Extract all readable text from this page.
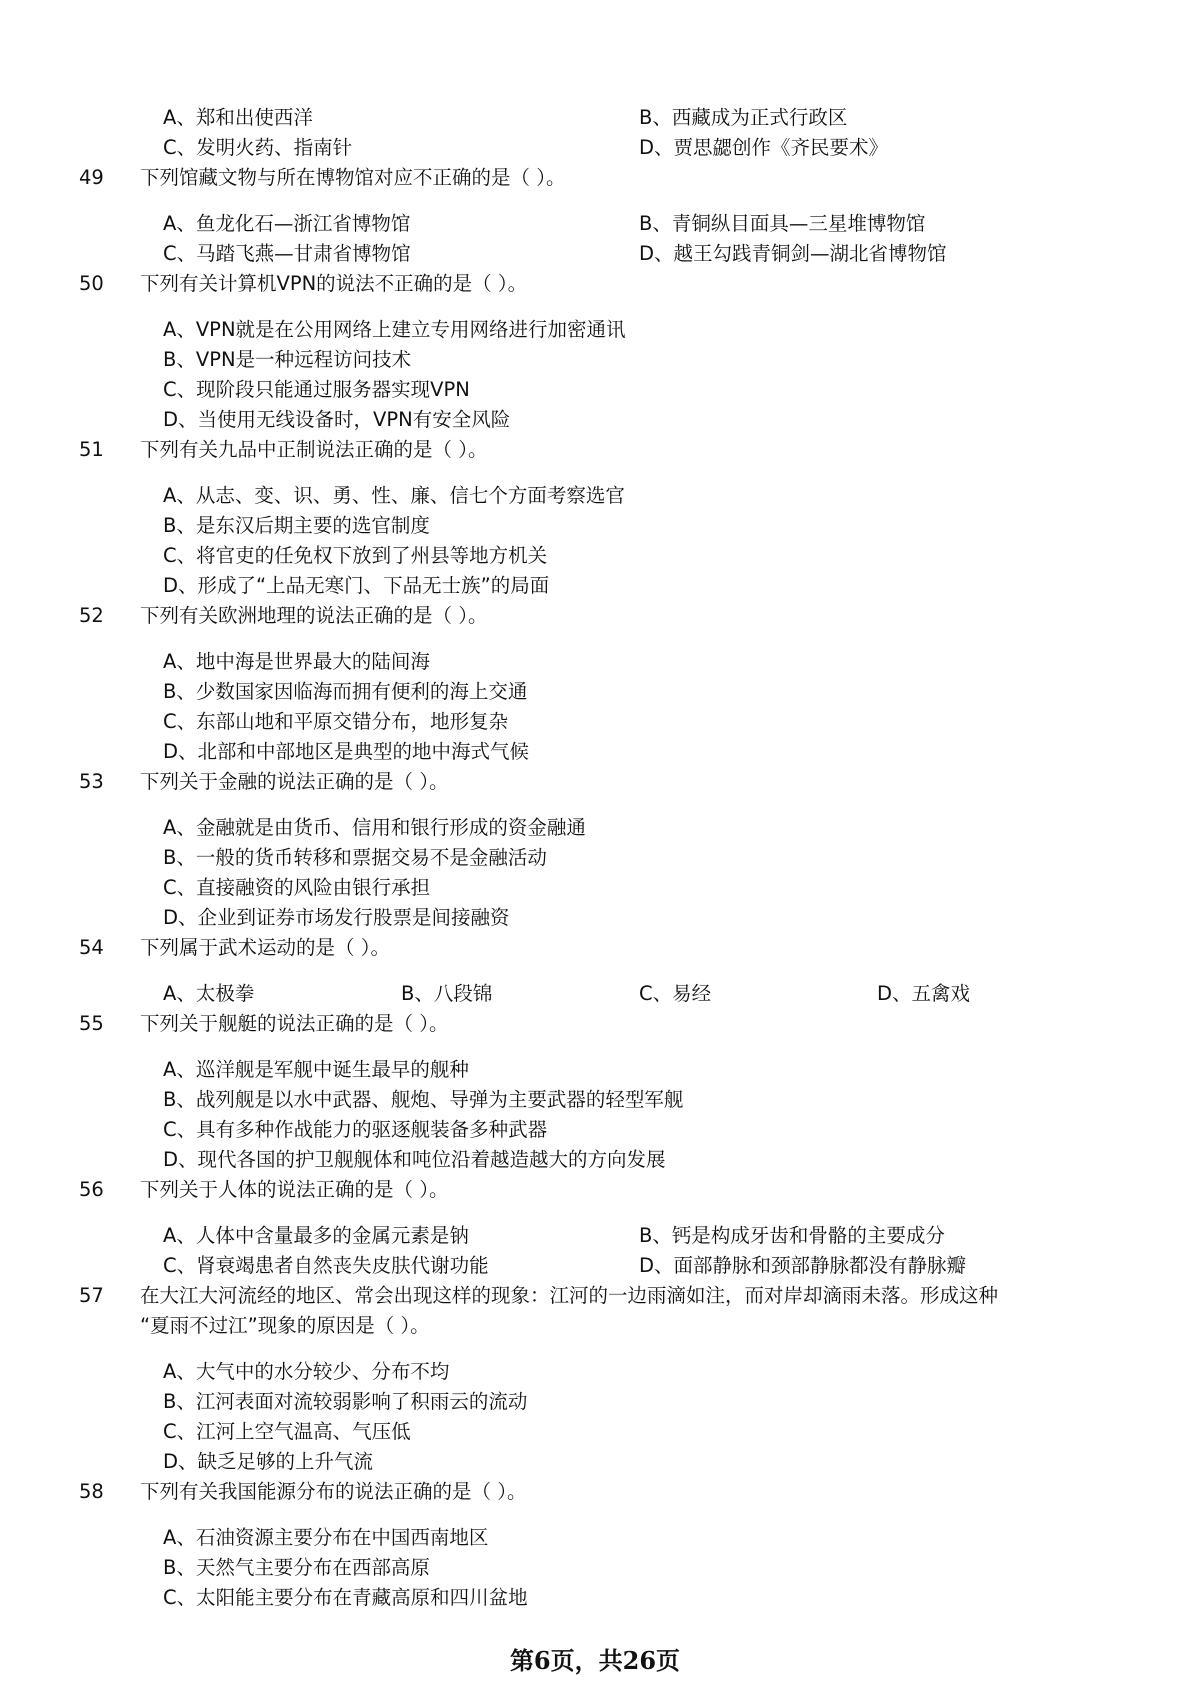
A、郑和出使西洋	B、西藏成为正式行政区
C、发明火药、指南针	D、贾思勰创作《齐民要术》
49 下列馆藏文物与所在博物馆对应不正确的是（ ）。
A、鱼龙化石—浙江省博物馆	B、青铜纵目面具—三星堆博物馆
C、马踏飞燕—甘肃省博物馆	D、越王勾践青铜剑—湖北省博物馆
50 下列有关计算机VPN的说法不正确的是（ ）。
A、VPN就是在公用网络上建立专用网络进行加密通讯
B、VPN是一种远程访问技术
C、现阶段只能通过服务器实现VPN
D、当使用无线设备时，VPN有安全风险
51 下列有关九品中正制说法正确的是（ ）。
A、从志、变、识、勇、性、廉、信七个方面考察选官
B、是东汉后期主要的选官制度
C、将官吏的任免权下放到了州县等地方机关
D、形成了“上品无寒门、下品无士族”的局面
52 下列有关欧洲地理的说法正确的是（ ）。
A、地中海是世界最大的陆间海
B、少数国家因临海而拥有便利的海上交通
C、东部山地和平原交错分布，地形复杂
D、北部和中部地区是典型的地中海式气候
53 下列关于金融的说法正确的是（ ）。
A、金融就是由货币、信用和银行形成的资金融通
B、一般的货币转移和票据交易不是金融活动
C、直接融资的风险由银行承担
D、企业到证券市场发行股票是间接融资
54 下列属于武术运动的是（ ）。
A、太极拳	B、八段锦	C、易经	D、五禽戏
55 下列关于舰艇的说法正确的是（ ）。
A、巡洋舰是军舰中诞生最早的舰种
B、战列舰是以水中武器、舰炮、导弹为主要武器的轻型军舰
C、具有多种作战能力的驱逐舰装备多种武器
D、现代各国的护卫舰舰体和吨位沿着越造越大的方向发展
56 下列关于人体的说法正确的是（ ）。
A、人体中含量最多的金属元素是钠	B、钙是构成牙齿和骨骼的主要成分
C、肾衰竭患者自然丧失皮肤代谢功能	D、面部静脉和颈部静脉都没有静脉瓣
57 在大江大河流经的地区、常会出现这样的现象：江河的一边雨滴如注，而对岸却滴雨未落。形成这种
“夏雨不过江”现象的原因是（ ）。
A、大气中的水分较少、分布不均
B、江河表面对流较弱影响了积雨云的流动
C、江河上空气温高、气压低
D、缺乏足够的上升气流
58 下列有关我国能源分布的说法正确的是（ ）。
A、石油资源主要分布在中国西南地区
B、天然气主要分布在西部高原
C、太阳能主要分布在青藏高原和四川盆地
第6页，共26页
